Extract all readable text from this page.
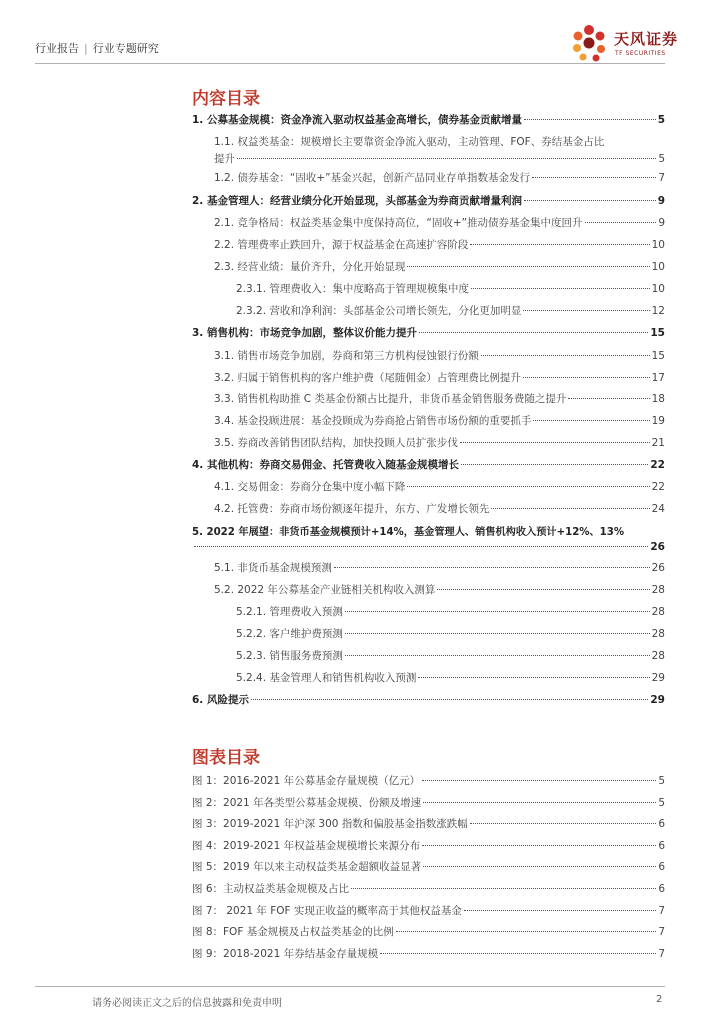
行业报告 | 行业专题研究
天风证券
TF SECURITIES
内容目录
1. 公募基金规模：资金净流入驱动权益基金高增长，债券基金贡献增量	5
1.1. 权益类基金：规模增长主要靠资金净流入驱动，主动管理、FOF、券结基金占比
提升	5
1.2. 债券基金：“固收+”基金兴起，创新产品同业存单指数基金发行	7
2. 基金管理人：经营业绩分化开始显现，头部基金为券商贡献增量利润	9
2.1. 竞争格局：权益类基金集中度保持高位，“固收+”推动债券基金集中度回升	9
2.2. 管理费率止跌回升，源于权益基金在高速扩容阶段	10
2.3. 经营业绩：量价齐升，分化开始显现	10
2.3.1. 管理费收入：集中度略高于管理规模集中度	10
2.3.2. 营收和净利润：头部基金公司增长领先，分化更加明显	12
3. 销售机构：市场竞争加剧，整体议价能力提升	15
3.1. 销售市场竞争加剧，券商和第三方机构侵蚀银行份额	15
3.2. 归属于销售机构的客户维护费（尾随佣金）占管理费比例提升	17
3.3. 销售机构助推 C 类基金份额占比提升，非货币基金销售服务费随之提升	18
3.4. 基金投顾进展：基金投顾成为券商抢占销售市场份额的重要抓手	19
3.5. 券商改善销售团队结构，加快投顾人员扩张步伐	21
4. 其他机构：券商交易佣金、托管费收入随基金规模增长	22
4.1. 交易佣金：券商分仓集中度小幅下降	22
4.2. 托管费：券商市场份额逐年提升，东方、广发增长领先	24
5. 2022 年展望：非货币基金规模预计+14%，基金管理人、销售机构收入预计+12%、13%
26
5.1. 非货币基金规模预测	26
5.2. 2022 年公募基金产业链相关机构收入测算	28
5.2.1. 管理费收入预测	28
5.2.2. 客户维护费预测	28
5.2.3. 销售服务费预测	28
5.2.4. 基金管理人和销售机构收入预测	29
6. 风险提示	29
图表目录
图 1：2016-2021 年公募基金存量规模（亿元）	5
图 2：2021 年各类型公募基金规模、份额及增速	5
图 3：2019-2021 年沪深 300 指数和偏股基金指数涨跌幅	6
图 4：2019-2021 年权益基金规模增长来源分布	6
图 5：2019 年以来主动权益类基金超额收益显著	6
图 6：主动权益类基金规模及占比	6
图 7： 2021 年 FOF 实现正收益的概率高于其他权益基金	7
图 8：FOF 基金规模及占权益类基金的比例	7
图 9：2018-2021 年券结基金存量规模	7
请务必阅读正文之后的信息披露和免责申明	2
